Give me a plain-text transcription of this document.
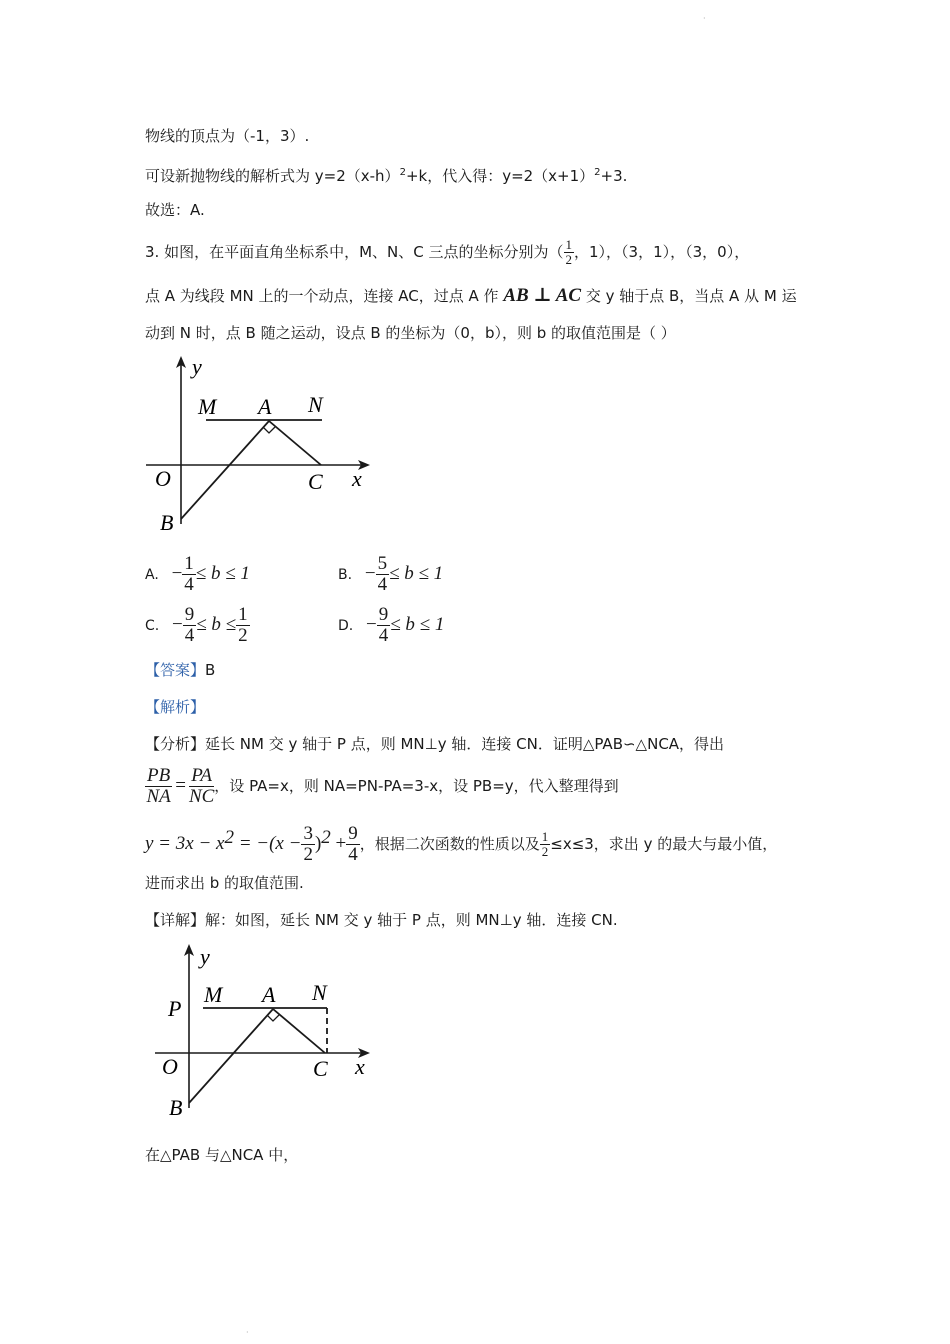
·
物线的顶点为（-1，3）.
可设新抛物线的解析式为 $y=2(x-h)^2+k$，代入得：$y=2(x+1)^2+3$.
故选：A.
3. 如图，在平面直角坐标系中，M、N、C 三点的坐标分别为（ $\frac{1}{2}$ ，1），（3，1），（3，0），
点 A 为线段 MN 上的一个动点，连接 AC，过点 A 作 AB ⊥ AC 交 y 轴于点 B，当点 A 从 M 运
动到 N 时，点 B 随之运动，设点 B 的坐标为（0，b），则 b 的取值范围是（ ）
y
M A N
O	C x
B
A. − $\frac{1}{4} \le b \le 1$	B. − $\frac{5}{4} \le b \le 1$
C. − $\frac{9}{4} \le b \le \frac{1}{2}$	D. − $\frac{9}{4} \le b \le 1$
【答案】B
【解析】
【分析】延长 NM 交 y 轴于 P 点，则 MN⊥y 轴．连接 CN．证明△PAB∽△NCA，得出
$\frac{PB}{NA} = \frac{PA}{NC}$ ，设 PA=x，则 NA=PN-PA=3-x，设 PB=y，代入整理得到
$y = 3x - x^2 = -(x - \frac{3}{2} )^2 + \frac{9}{4}$ ，根据二次函数的性质以及 $\frac{1}{2} \le x\le 3$，求出 y 的最大与最小值，
进而求出 b 的取值范围.
【详解】解：如图，延长 NM 交 y 轴于 P 点，则 MN⊥y 轴．连接 CN.
y
P
M A N
O	C x
B
在△PAB 与△NCA 中，
·
